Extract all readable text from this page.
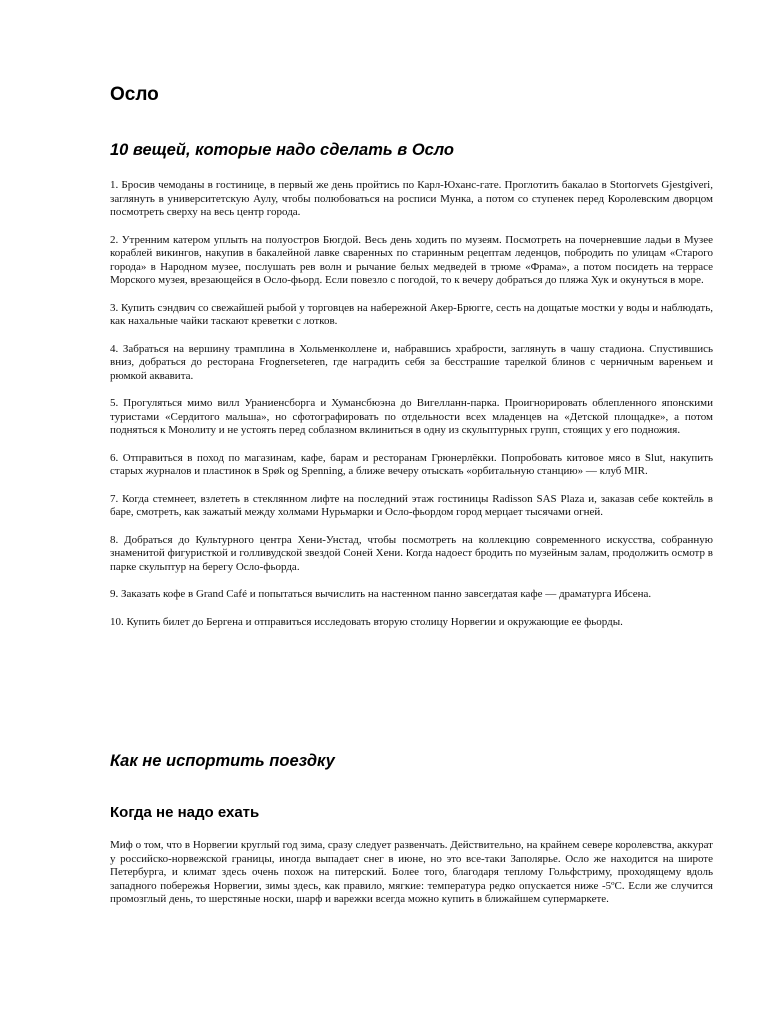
Осло
10 вещей, которые надо сделать в Осло

1. Бросив чемоданы в гостинице, в первый же день пройтись по Карл-Юханс-гате. Проглотить бакалао в Stortorvets Gjestgiveri, заглянуть в университетскую Аулу, чтобы полюбоваться на росписи Мунка, а потом со ступенек перед Королевским дворцом посмотреть сверху на весь центр города.

2. Утренним катером уплыть на полуостров Бюгдой. Весь день ходить по музеям. Посмотреть на почерневшие ладьи в Музее кораблей викингов, накупив в бакалейной лавке сваренных по старинным рецептам леденцов, побродить по улицам «Старого города» в Народном музее, послушать рев волн и рычание белых медведей в трюме «Фрама», а потом посидеть на террасе Морского музея, врезающейся в Осло-фьорд. Если повезло с погодой, то к вечеру добраться до пляжа Хук и окунуться в море.

3. Купить сэндвич со свежайшей рыбой у торговцев на набережной Акер-Брюгге, сесть на дощатые мостки у воды и наблюдать, как нахальные чайки таскают креветки с лотков.

4. Забраться на вершину трамплина в Хольменколлене и, набравшись храбрости, заглянуть в чашу стадиона. Спустившись вниз, добраться до ресторана Frognerseteren, где наградить себя за бесстрашие тарелкой блинов с черничным вареньем и рюмкой аквавита.

5. Прогуляться мимо вилл Ураниенсборга и Хумансбюэна до Вигелланн-парка. Проигнорировать облепленного японскими туристами «Сердитого мальша», но сфотографировать по отдельности всех младенцев на «Детской площадке», а потом подняться к Монолиту и не устоять перед соблазном вклиниться в одну из скульптурных групп, стоящих у его подножия.

6. Отправиться в поход по магазинам, кафе, барам и ресторанам Грюнерлёкки. Попробовать китовое мясо в Slut, накупить старых журналов и пластинок в Spøk og Spenning, а ближе вечеру отыскать «орбитальную станцию» — клуб MIR.

7. Когда стемнеет, взлететь в стеклянном лифте на последний этаж гостиницы Radisson SAS Plaza и, заказав себе коктейль в баре, смотреть, как зажатый между холмами Нурьмарки и Осло-фьордом город мерцает тысячами огней.

8. Добраться до Культурного центра Хени-Унстад, чтобы посмотреть на коллекцию современного искусства, собранную знаменитой фигуристкой и голливудской звездой Соней Хени. Когда надоест бродить по музейным залам, продолжить осмотр в парке скульптур на берегу Осло-фьорда.

9. Заказать кофе в Grand Café и попытаться вычислить на настенном панно завсегдатая кафе — драматурга Ибсена.

10. Купить билет до Бергена и отправиться исследовать вторую столицу Норвегии и окружающие ее фьорды.

Как не испортить поездку
Когда не надо ехать

Миф о том, что в Норвегии круглый год зима, сразу следует развенчать. Действительно, на крайнем севере королевства, аккурат у российско-норвежской границы, иногда выпадает снег в июне, но это все-таки Заполярье. Осло же находится на широте Петербурга, и климат здесь очень похож на питерский. Более того, благодаря теплому Гольфстриму, проходящему вдоль западного побережья Норвегии, зимы здесь, как правило, мягкие: температура редко опускается ниже -5ºC. Если же случится промозглый день, то шерстяные носки, шарф и варежки всегда можно купить в ближайшем супермаркете.
